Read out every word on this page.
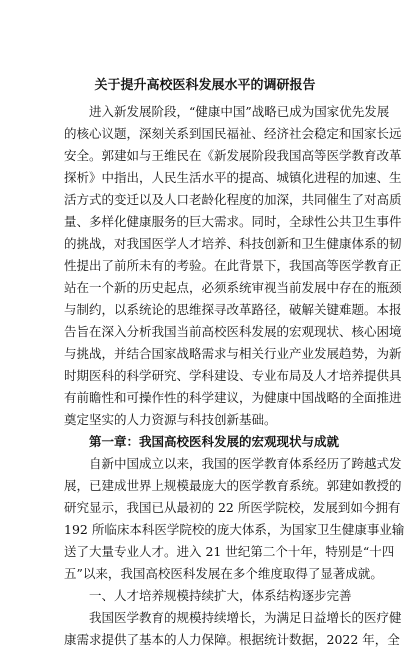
关于提升高校医科发展水平的调研报告
进入新发展阶段，“健康中国”战略已成为国家优先发展
的核心议题，深刻关系到国民福祉、经济社会稳定和国家长远
安全。郭建如与王维民在《新发展阶段我国高等医学教育改革
探析》中指出，人民生活水平的提高、城镇化进程的加速、生
活方式的变迁以及人口老龄化程度的加深，共同催生了对高质
量、多样化健康服务的巨大需求。同时，全球性公共卫生事件
的挑战，对我国医学人才培养、科技创新和卫生健康体系的韧
性提出了前所未有的考验。在此背景下，我国高等医学教育正
站在一个新的历史起点，必须系统审视当前发展中存在的瓶颈
与制约，以系统论的思维探寻改革路径，破解关键难题。本报
告旨在深入分析我国当前高校医科发展的宏观现状、核心困境
与挑战，并结合国家战略需求与相关行业产业发展趋势，为新
时期医科的科学研究、学科建设、专业布局及人才培养提供具
有前瞻性和可操作性的科学建议，为健康中国战略的全面推进
奠定坚实的人力资源与科技创新基础。
第一章：我国高校医科发展的宏观现状与成就
自新中国成立以来，我国的医学教育体系经历了跨越式发
展，已建成世界上规模最庞大的医学教育系统。郭建如教授的
研究显示，我国已从最初的 22 所医学院校，发展到如今拥有
192 所临床本科医学院校的庞大体系，为国家卫生健康事业输
送了大量专业人才。进入 21 世纪第二个十年，特别是“十四
五”以来，我国高校医科发展在多个维度取得了显著成就。
一、人才培养规模持续扩大，体系结构逐步完善
我国医学教育的规模持续增长，为满足日益增长的医疗健
康需求提供了基本的人力保障。根据统计数据，2022 年，全
